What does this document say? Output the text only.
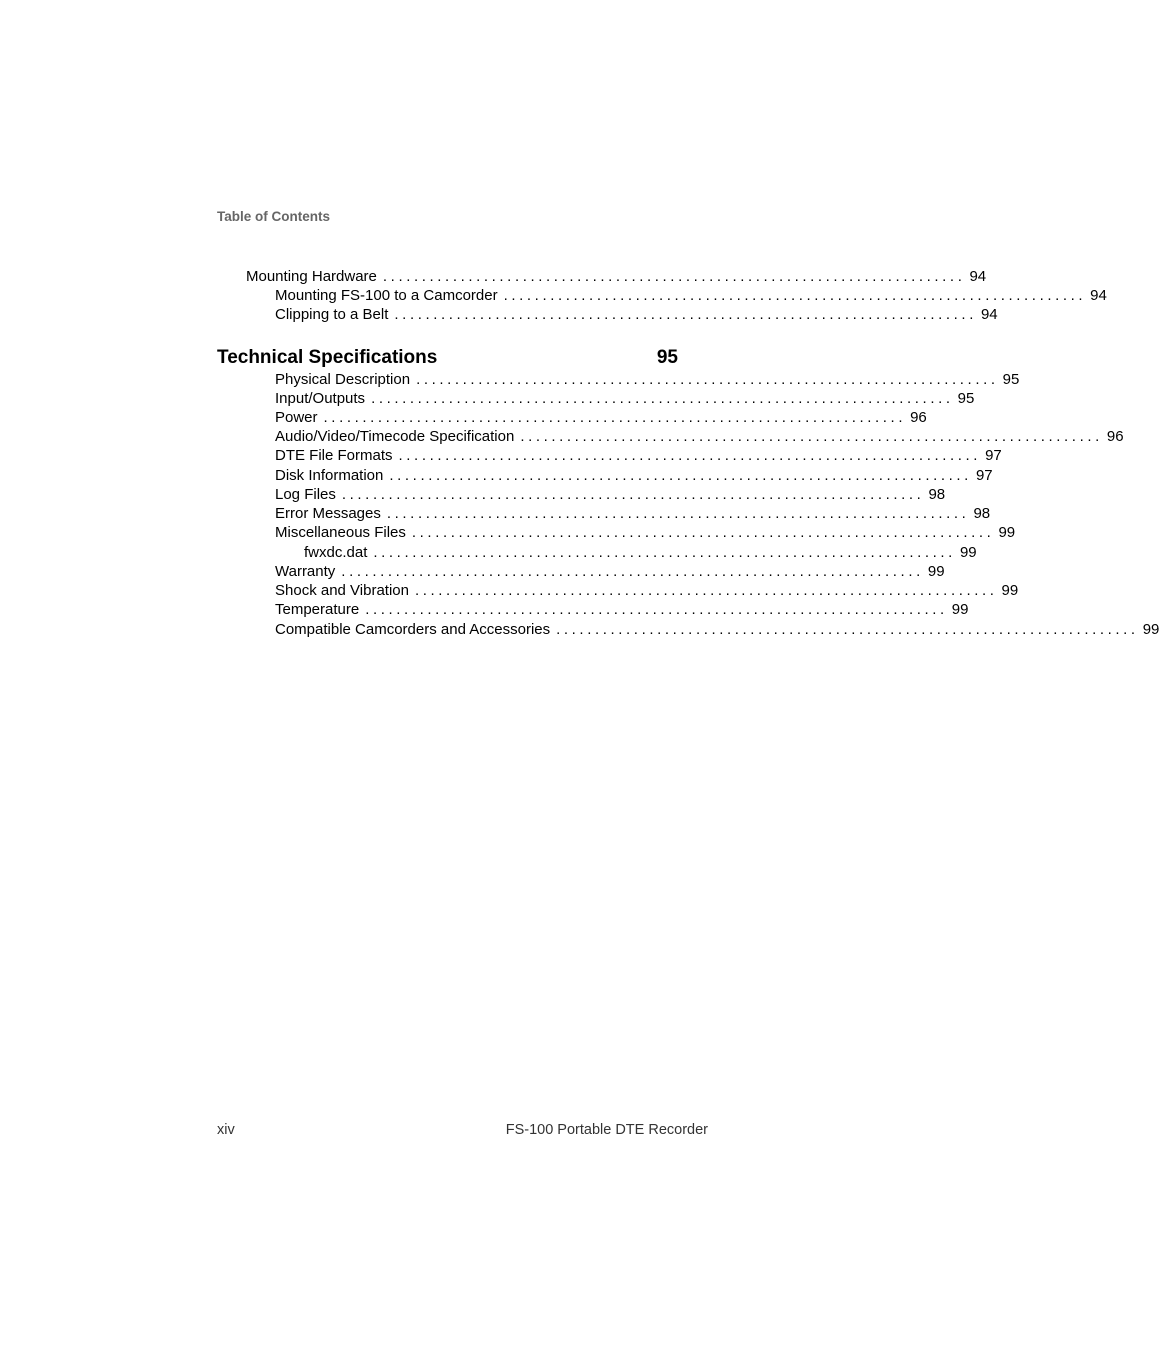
Table of Contents
Mounting Hardware ........................................................................... 94
Mounting FS-100 to a Camcorder ........................................................................... 94
Clipping to a Belt ........................................................................... 94
Technical Specifications	95
Physical Description ........................................................................... 95
Input/Outputs ........................................................................... 95
Power ........................................................................... 96
Audio/Video/Timecode Specification ........................................................................... 96
DTE File Formats ........................................................................... 97
Disk Information ........................................................................... 97
Log Files ........................................................................... 98
Error Messages ........................................................................... 98
Miscellaneous Files ........................................................................... 99
fwxdc.dat ........................................................................... 99
Warranty ........................................................................... 99
Shock and Vibration ........................................................................... 99
Temperature ........................................................................... 99
Compatible Camcorders and Accessories ........................................................................... 99
xiv	FS-100 Portable DTE Recorder
